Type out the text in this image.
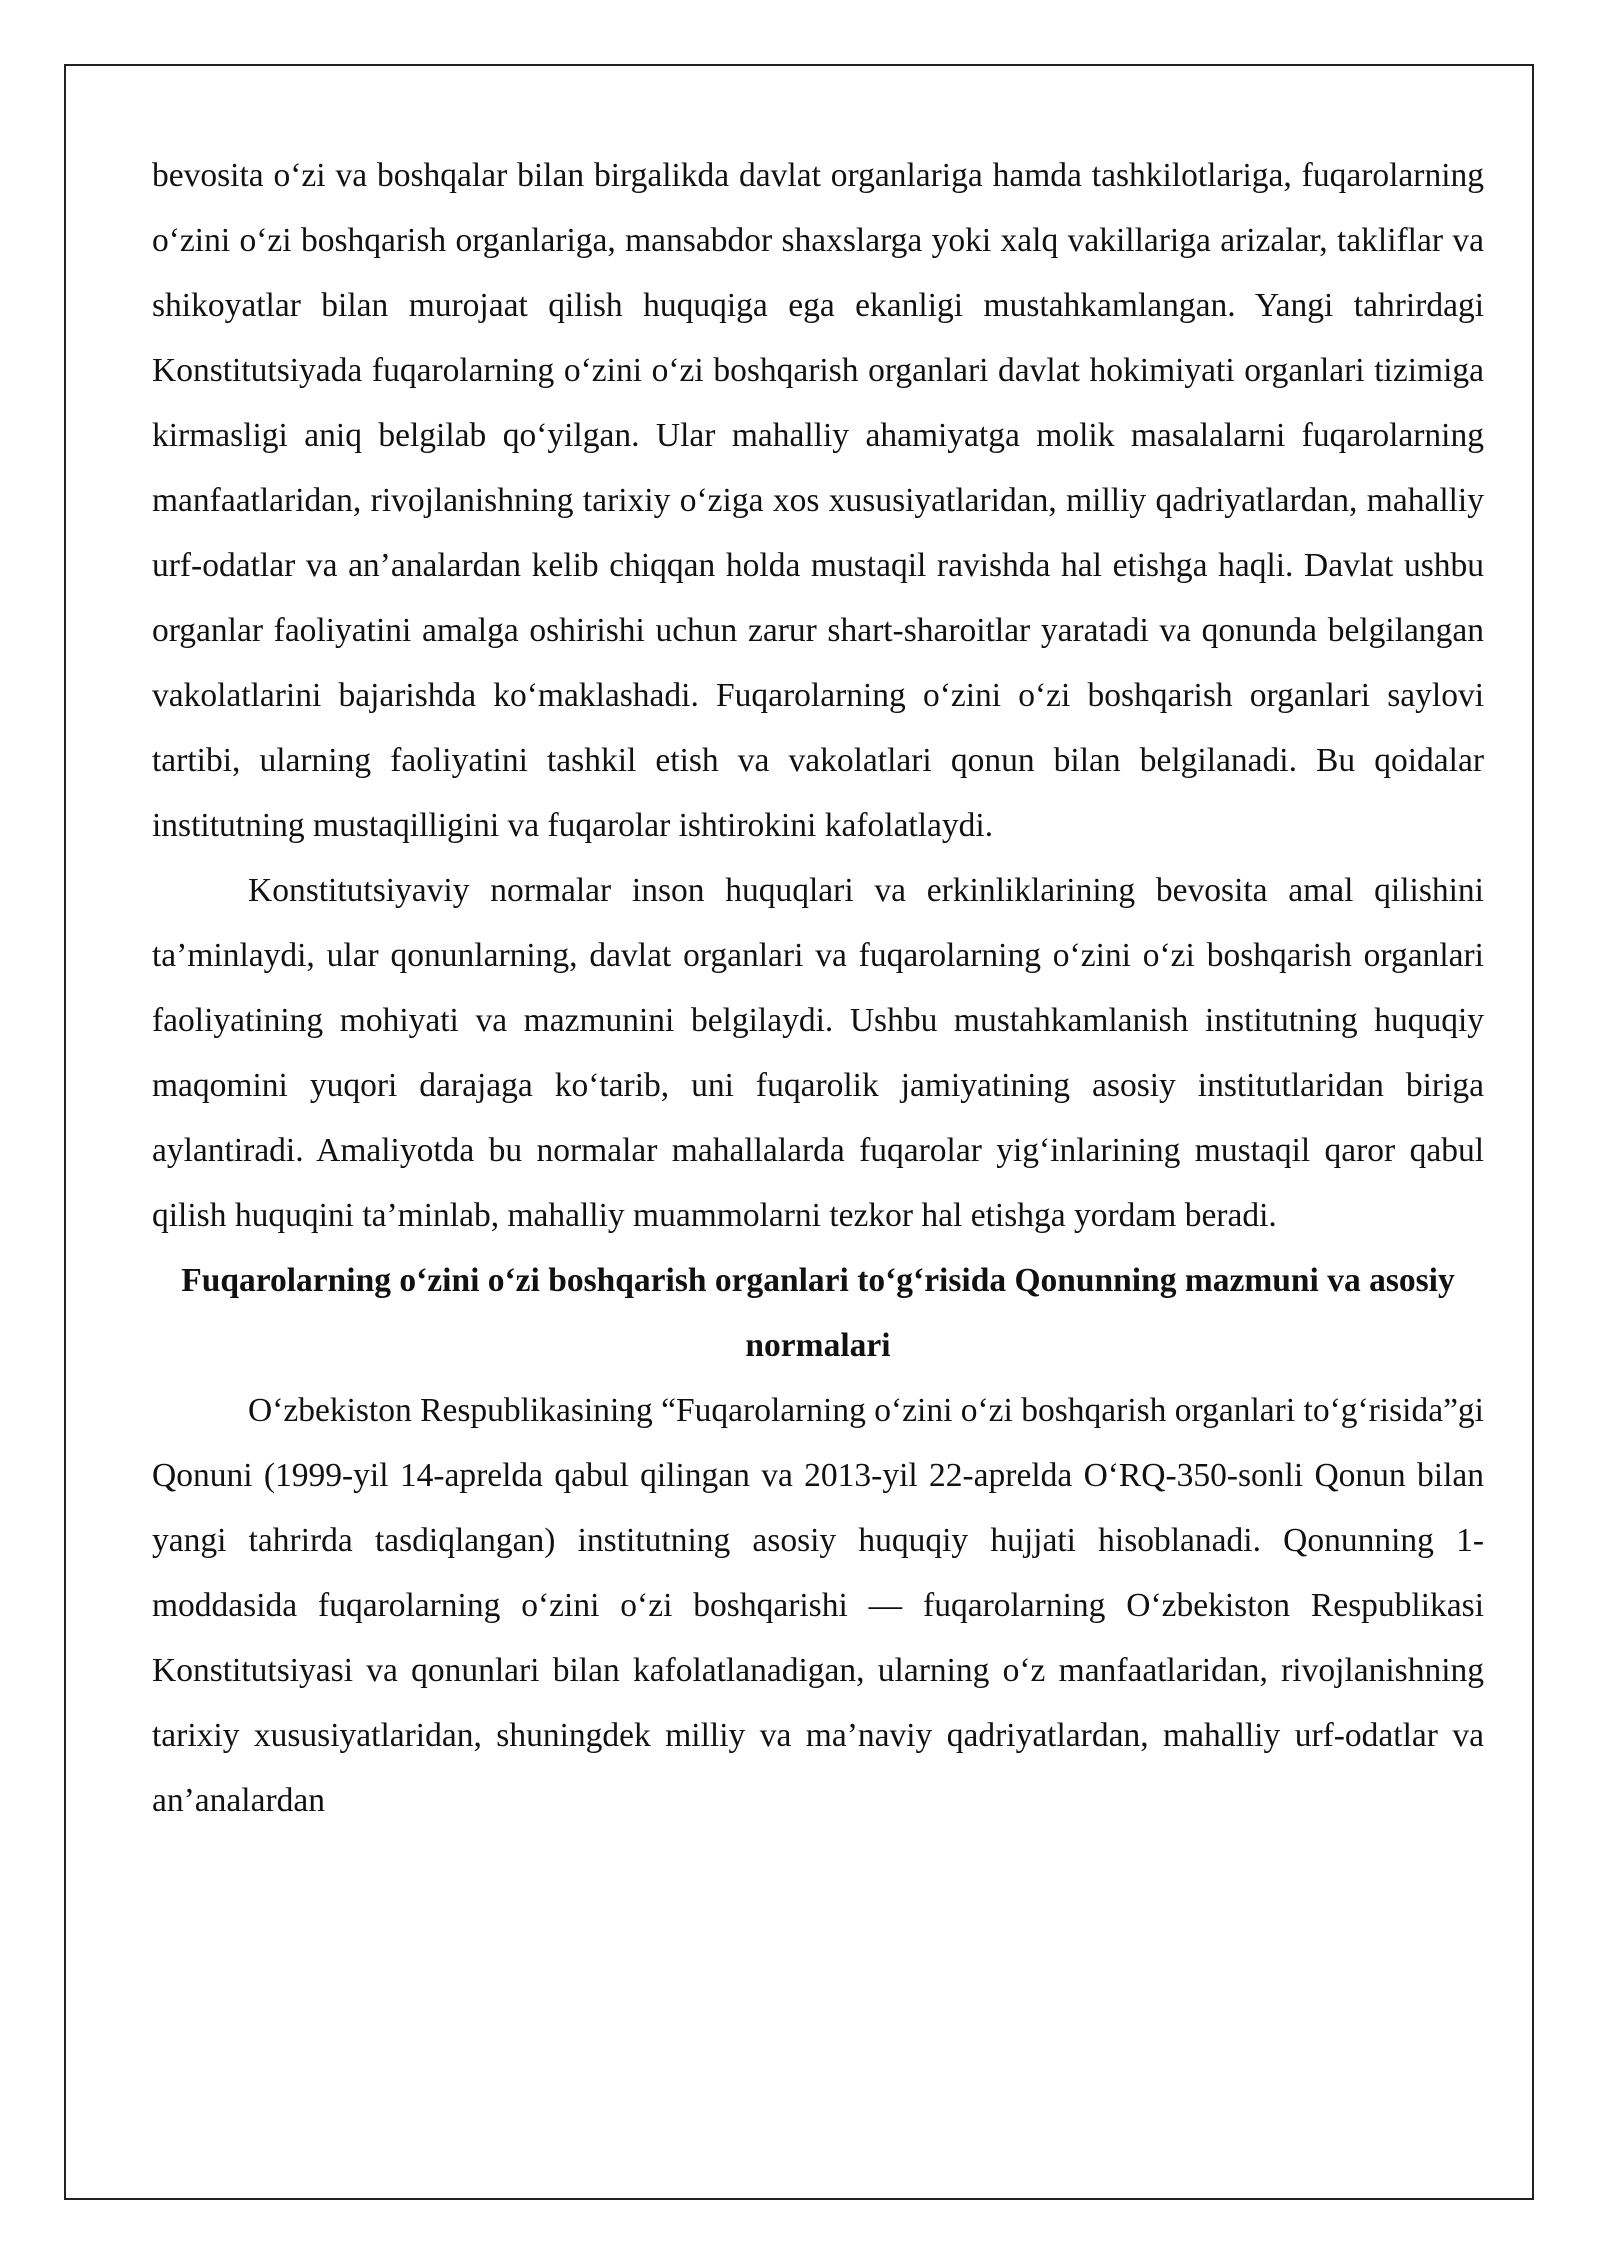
bevosita o‘zi va boshqalar bilan birgalikda davlat organlariga hamda tashkilotlariga, fuqarolarning o‘zini o‘zi boshqarish organlariga, mansabdor shaxslarga yoki xalq vakillariga arizalar, takliflar va shikoyatlar bilan murojaat qilish huquqiga ega ekanligi mustahkamlangan. Yangi tahrirdagi Konstitutsiyada fuqarolarning o‘zini o‘zi boshqarish organlari davlat hokimiyati organlari tizimiga kirmasligi aniq belgilab qo‘yilgan. Ular mahalliy ahamiyatga molik masalalarni fuqarolarning manfaatlaridan, rivojlanishning tarixiy o‘ziga xos xususiyatlaridan, milliy qadriyatlardan, mahalliy urf-odatlar va an’analardan kelib chiqqan holda mustaqil ravishda hal etishga haqli. Davlat ushbu organlar faoliyatini amalga oshirishi uchun zarur shart-sharoitlar yaratadi va qonunda belgilangan vakolatlarini bajarishda ko‘maklashadi. Fuqarolarning o‘zini o‘zi boshqarish organlari saylovi tartibi, ularning faoliyatini tashkil etish va vakolatlari qonun bilan belgilanadi. Bu qoidalar institutning mustaqilligini va fuqarolar ishtirokini kafolatlaydi.

Konstitutsiyaviy normalar inson huquqlari va erkinliklarining bevosita amal qilishini ta’minlaydi, ular qonunlarning, davlat organlari va fuqarolarning o‘zini o‘zi boshqarish organlari faoliyatining mohiyati va mazmunini belgilaydi. Ushbu mustahkamlanish institutning huquqiy maqomini yuqori darajaga ko‘tarib, uni fuqarolik jamiyatining asosiy institutlaridan biriga aylantiradi. Amaliyotda bu normalar mahallalarda fuqarolar yig‘inlarining mustaqil qaror qabul qilish huquqini ta’minlab, mahalliy muammolarni tezkor hal etishga yordam beradi.

Fuqarolarning o‘zini o‘zi boshqarish organlari to‘g‘risida Qonunning mazmuni va asosiy normalari

O‘zbekiston Respublikasining “Fuqarolarning o‘zini o‘zi boshqarish organlari to‘g‘risida”gi Qonuni (1999-yil 14-aprelda qabul qilingan va 2013-yil 22-aprelda O‘RQ-350-sonli Qonun bilan yangi tahrirda tasdiqlangan) institutning asosiy huquqiy hujjati hisoblanadi. Qonunning 1-moddasida fuqarolarning o‘zini o‘zi boshqarishi — fuqarolarning O‘zbekiston Respublikasi Konstitutsiyasi va qonunlari bilan kafolatlanadigan, ularning o‘z manfaatlaridan, rivojlanishning tarixiy xususiyatlaridan, shuningdek milliy va ma’naviy qadriyatlardan, mahalliy urf-odatlar va an’analardan
